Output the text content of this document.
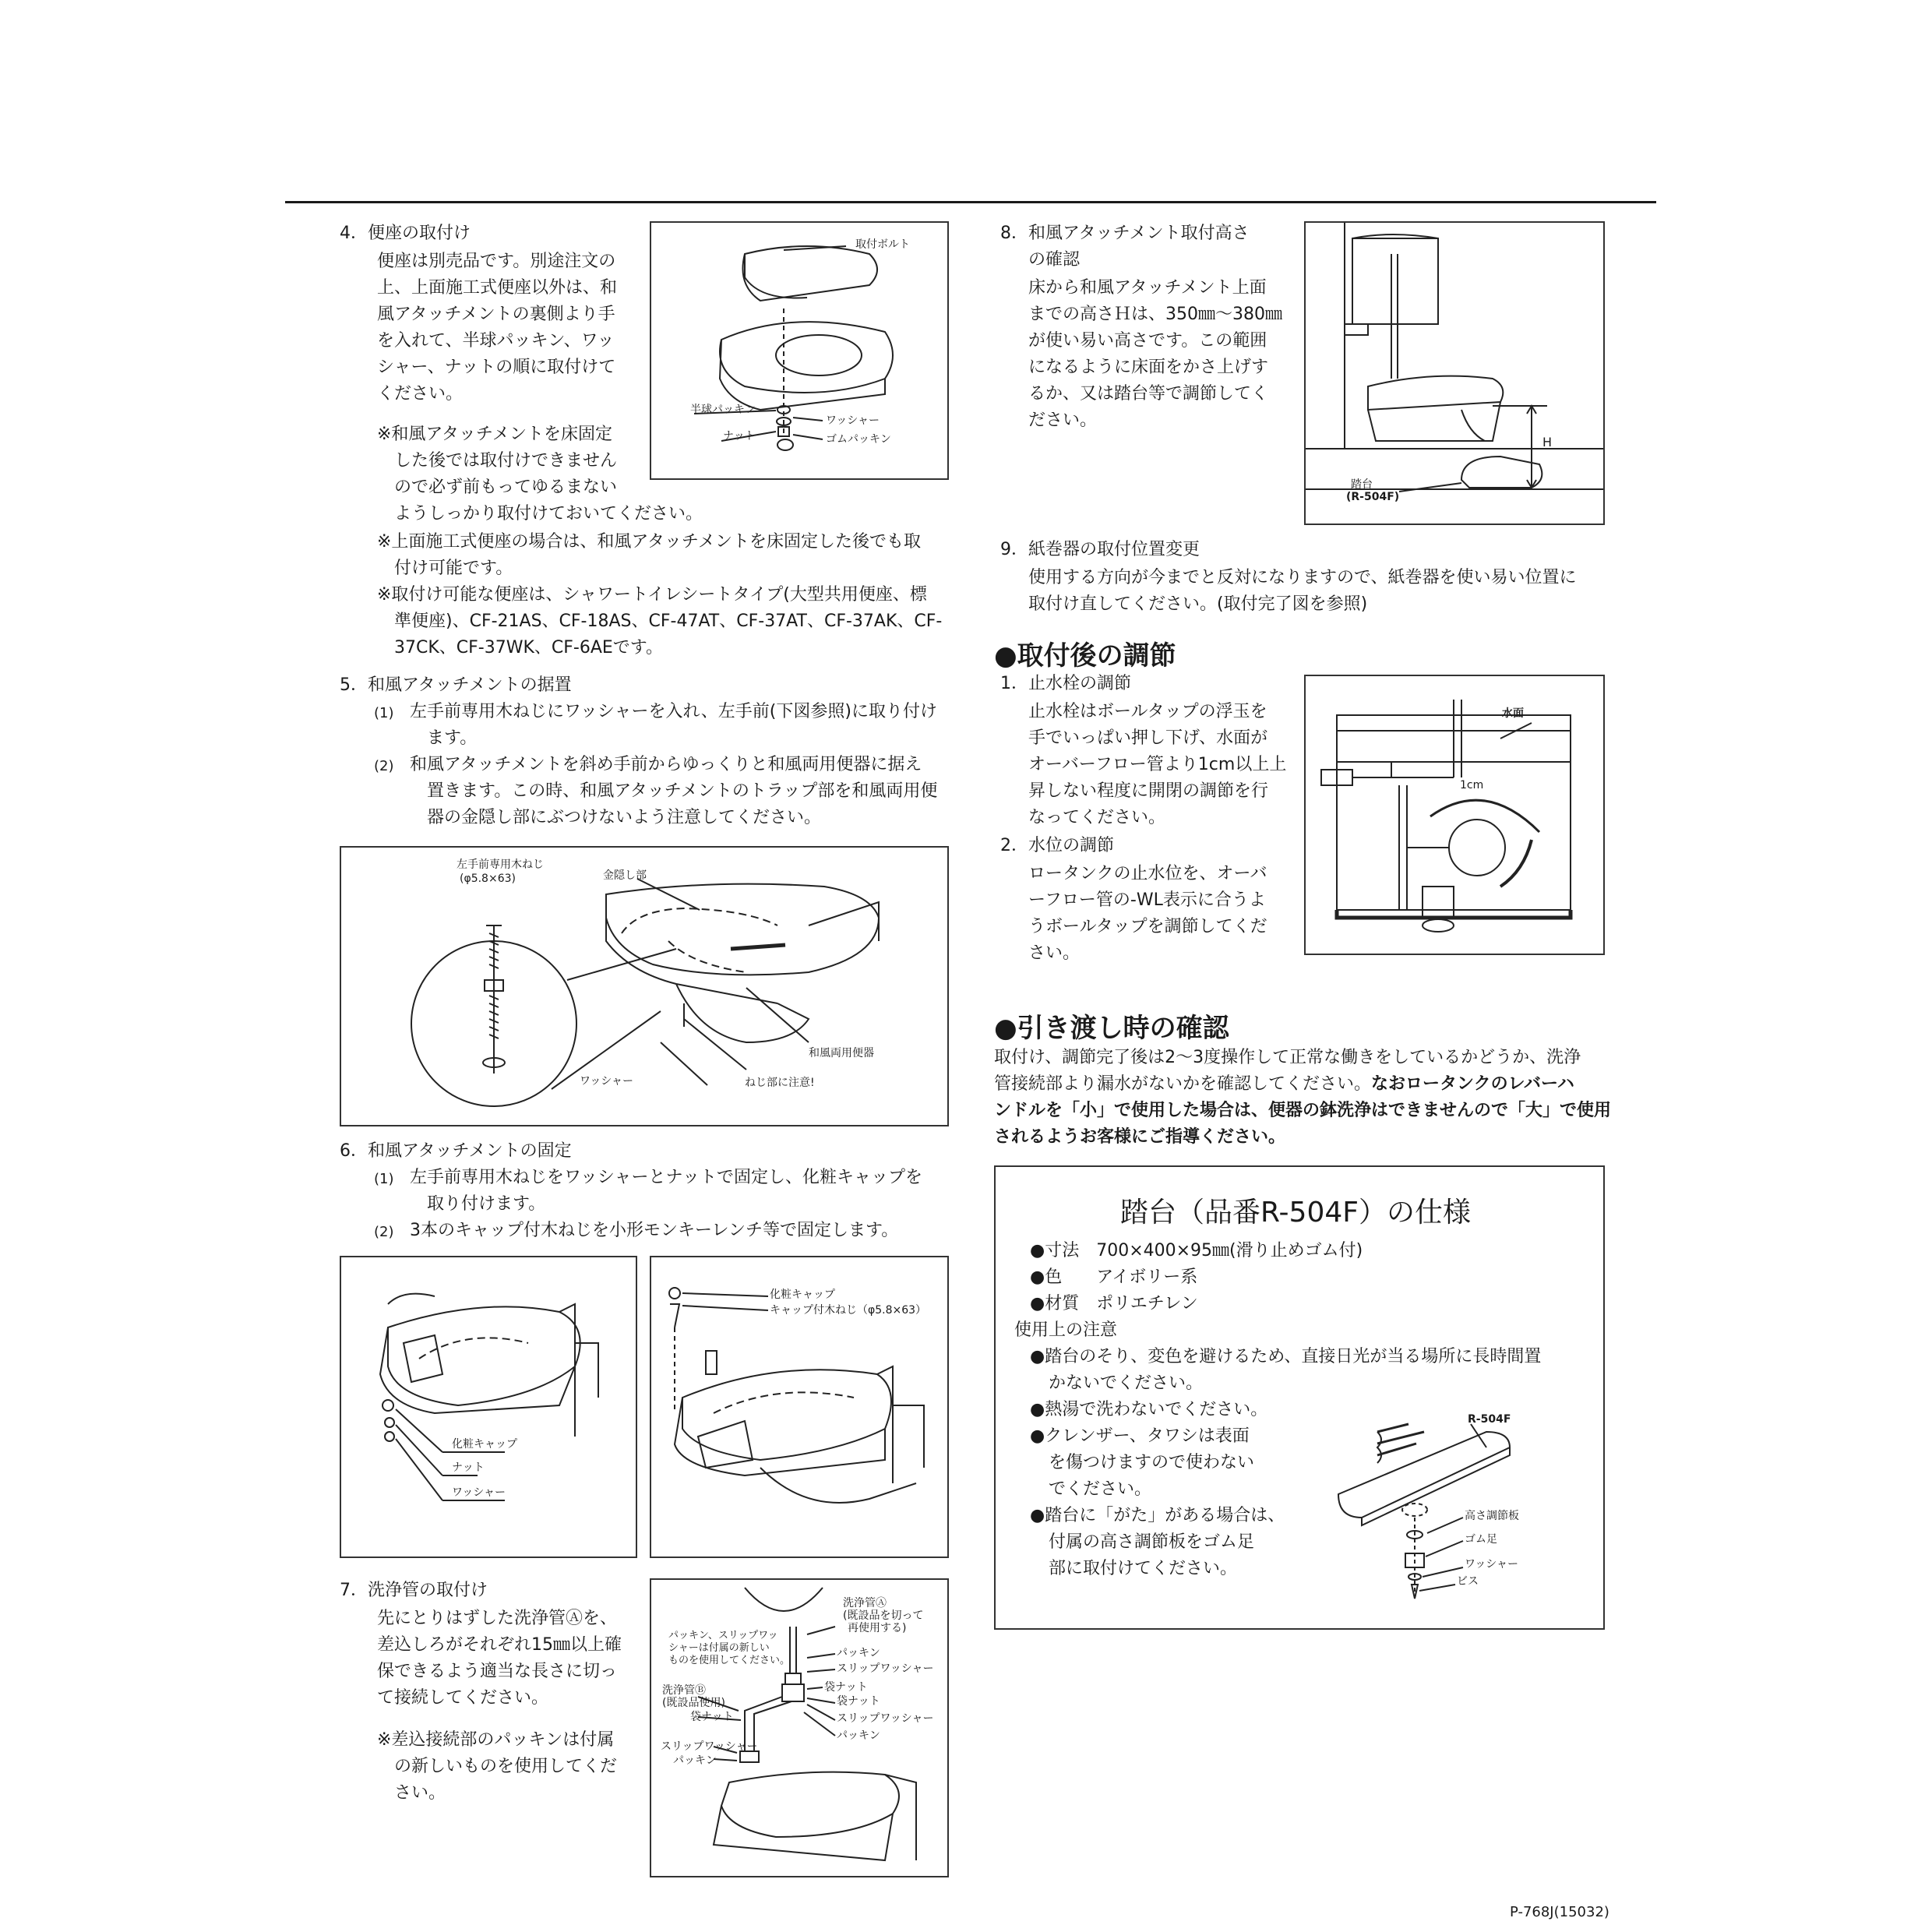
4．便座の取付け
便座は別売品です。別途注文の
上、上面施工式便座以外は、和
風アタッチメントの裏側より手
を入れて、半球パッキン、ワッ
シャー、ナットの順に取付けて
ください。
※和風アタッチメントを床固定
した後では取付けできません
ので必ず前もってゆるまない
ようしっかり取付けておいてください。
※上面施工式便座の場合は、和風アタッチメントを床固定した後でも取
付け可能です。
※取付け可能な便座は、シャワートイレシートタイプ(大型共用便座、標
準便座)、CF-21AS、CF-18AS、CF-47AT、CF-37AT、CF-37AK、CF-
37CK、CF-37WK、CF-6AEです。
取付ボルト
半球パッキン
ワッシャー
ナット	ゴムパッキン
5．和風アタッチメントの据置
(1) 左手前専用木ねじにワッシャーを入れ、左手前(下図参照)に取り付け
ます。
(2) 和風アタッチメントを斜め手前からゆっくりと和風両用便器に据え
置きます。この時、和風アタッチメントのトラップ部を和風両用便
器の金隠し部にぶつけないよう注意してください。
左手前専用木ねじ
(φ5.8×63)	金隠し部
ワッシャー
和風両用便器
ねじ部に注意!
6．和風アタッチメントの固定
(1) 左手前専用木ねじをワッシャーとナットで固定し、化粧キャップを
取り付けます。
(2) 3本のキャップ付木ねじを小形モンキーレンチ等で固定します。
化粧キャップ
ナット
ワッシャー
化粧キャップ
キャップ付木ねじ（φ5.8×63）
7．洗浄管の取付け
先にとりはずした洗浄管Ⓐを、
差込しろがそれぞれ15㎜以上確
保できるよう適当な長さに切っ
て接続してください。
※差込接続部のパッキンは付属
の新しいものを使用してくだ
さい。
洗浄管Ⓐ
(既設品を切って
再使用する)
パッキン、スリップワッ
シャーは付属の新しい
ものを使用してください。
パッキン
スリップワッシャー
袋ナット
袋ナット
スリップワッシャー
パッキン
洗浄管Ⓑ
(既設品使用)
袋ナット
スリップワッシャー
パッキン
8．和風アタッチメント取付高さ
の確認
床から和風アタッチメント上面
までの高さＨは、350㎜～380㎜
が使い易い高さです。この範囲
になるように床面をかさ上げす
るか、又は踏台等で調節してく
ださい。
H
踏台
(R-504F)
9．紙巻器の取付位置変更
使用する方向が今までと反対になりますので、紙巻器を使い易い位置に
取付け直してください。(取付完了図を参照)
●取付後の調節
1．止水栓の調節
止水栓はボールタップの浮玉を
手でいっぱい押し下げ、水面が
オーバーフロー管より1cm以上上
昇しない程度に開閉の調節を行
なってください。
2．水位の調節
ロータンクの止水位を、オーバ
ーフロー管の-WL表示に合うよ
うボールタップを調節してくだ
さい。
水面
1cm
●引き渡し時の確認
取付け、調節完了後は2～3度操作して正常な働きをしているかどうか、洗浄
管接続部より漏水がないかを確認してください。なおロータンクのレバーハ
ンドルを「小」で使用した場合は、便器の鉢洗浄はできませんので「大」で使用
されるようお客様にご指導ください。
踏台（品番R-504F）の仕様
●寸法　700×400×95㎜(滑り止めゴム付)
●色　　アイボリー系
●材質　ポリエチレン
使用上の注意
●踏台のそり、変色を避けるため、直接日光が当る場所に長時間置
かないでください。
●熱湯で洗わないでください。
●クレンザー、タワシは表面
を傷つけますので使わない
でください。
●踏台に「がた」がある場合は、
付属の高さ調節板をゴム足
部に取付けてください。
R-504F
高さ調節板
ゴム足
ワッシャー
ビス
P-768J(15032)
